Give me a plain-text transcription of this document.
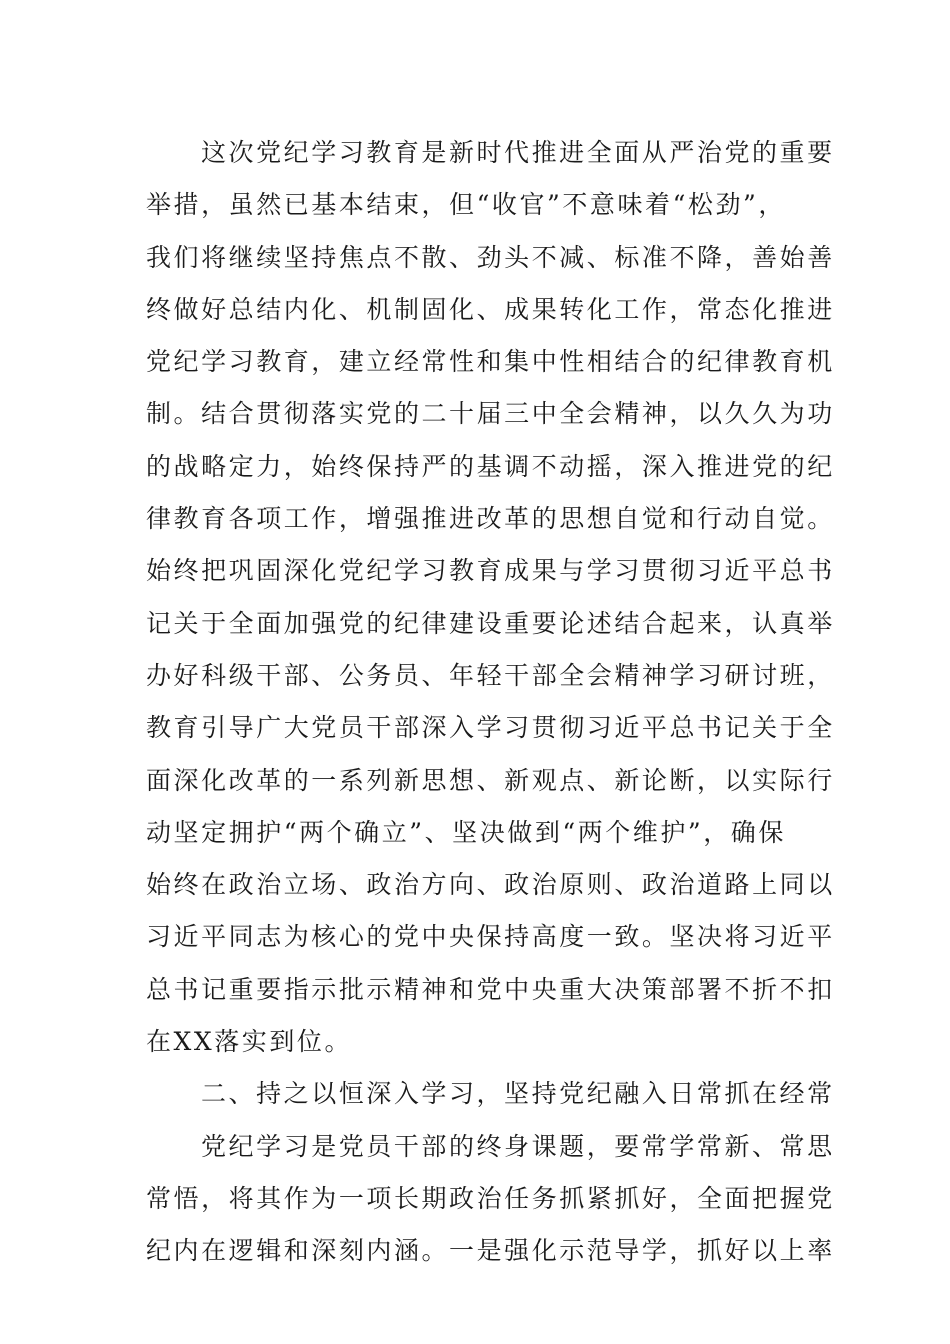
这次党纪学习教育是新时代推进全面从严治党的重要
举措，虽然已基本结束，但“收官”不意味着“松劲”，
我们将继续坚持焦点不散、劲头不减、标准不降，善始善
终做好总结内化、机制固化、成果转化工作，常态化推进
党纪学习教育，建立经常性和集中性相结合的纪律教育机
制。结合贯彻落实党的二十届三中全会精神，以久久为功
的战略定力，始终保持严的基调不动摇，深入推进党的纪
律教育各项工作，增强推进改革的思想自觉和行动自觉。
始终把巩固深化党纪学习教育成果与学习贯彻习近平总书
记关于全面加强党的纪律建设重要论述结合起来，认真举
办好科级干部、公务员、年轻干部全会精神学习研讨班，
教育引导广大党员干部深入学习贯彻习近平总书记关于全
面深化改革的一系列新思想、新观点、新论断，以实际行
动坚定拥护“两个确立”、坚决做到“两个维护”，确保
始终在政治立场、政治方向、政治原则、政治道路上同以
习近平同志为核心的党中央保持高度一致。坚决将习近平
总书记重要指示批示精神和党中央重大决策部署不折不扣
在XX落实到位。
二、持之以恒深入学习，坚持党纪融入日常抓在经常
党纪学习是党员干部的终身课题，要常学常新、常思
常悟，将其作为一项长期政治任务抓紧抓好，全面把握党
纪内在逻辑和深刻内涵。一是强化示范导学，抓好以上率
